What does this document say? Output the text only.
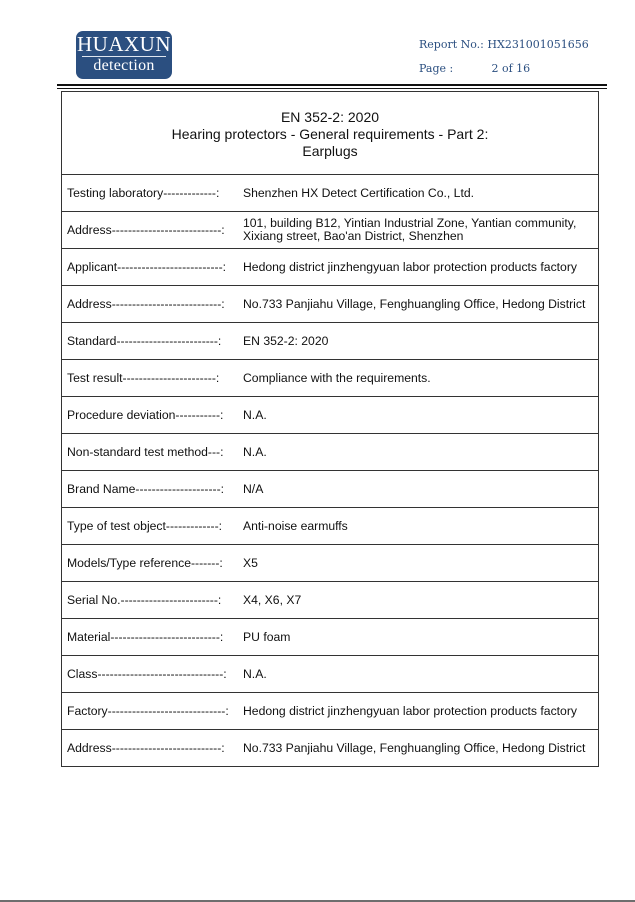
HUAXUN
detection
Report No.: HX231001051656
Page :	2 of 16
EN 352-2: 2020
Hearing protectors - General requirements - Part 2:
Earplugs	

Testing laboratory-------------:	Shenzhen HX Detect Certification Co., Ltd.
Address---------------------------:	101, building B12, Yintian Industrial Zone, Yantian community, Xixiang street, Bao'an District, Shenzhen
Applicant--------------------------:	Hedong district jinzhengyuan labor protection products factory
Address---------------------------:	No.733 Panjiahu Village, Fenghuangling Office, Hedong District
Standard-------------------------:	EN 352-2: 2020
Test result-----------------------:	Compliance with the requirements.
Procedure deviation-----------:	N.A.
Non-standard test method---:	N.A.
Brand Name---------------------:	N/A
Type of test object-------------:	Anti-noise earmuffs
Models/Type reference-------:	X5
Serial No.------------------------:	X4, X6, X7
Material---------------------------:	PU foam
Class-------------------------------:	N.A.
Factory-----------------------------:	Hedong district jinzhengyuan labor protection products factory
Address---------------------------:	No.733 Panjiahu Village, Fenghuangling Office, Hedong District
